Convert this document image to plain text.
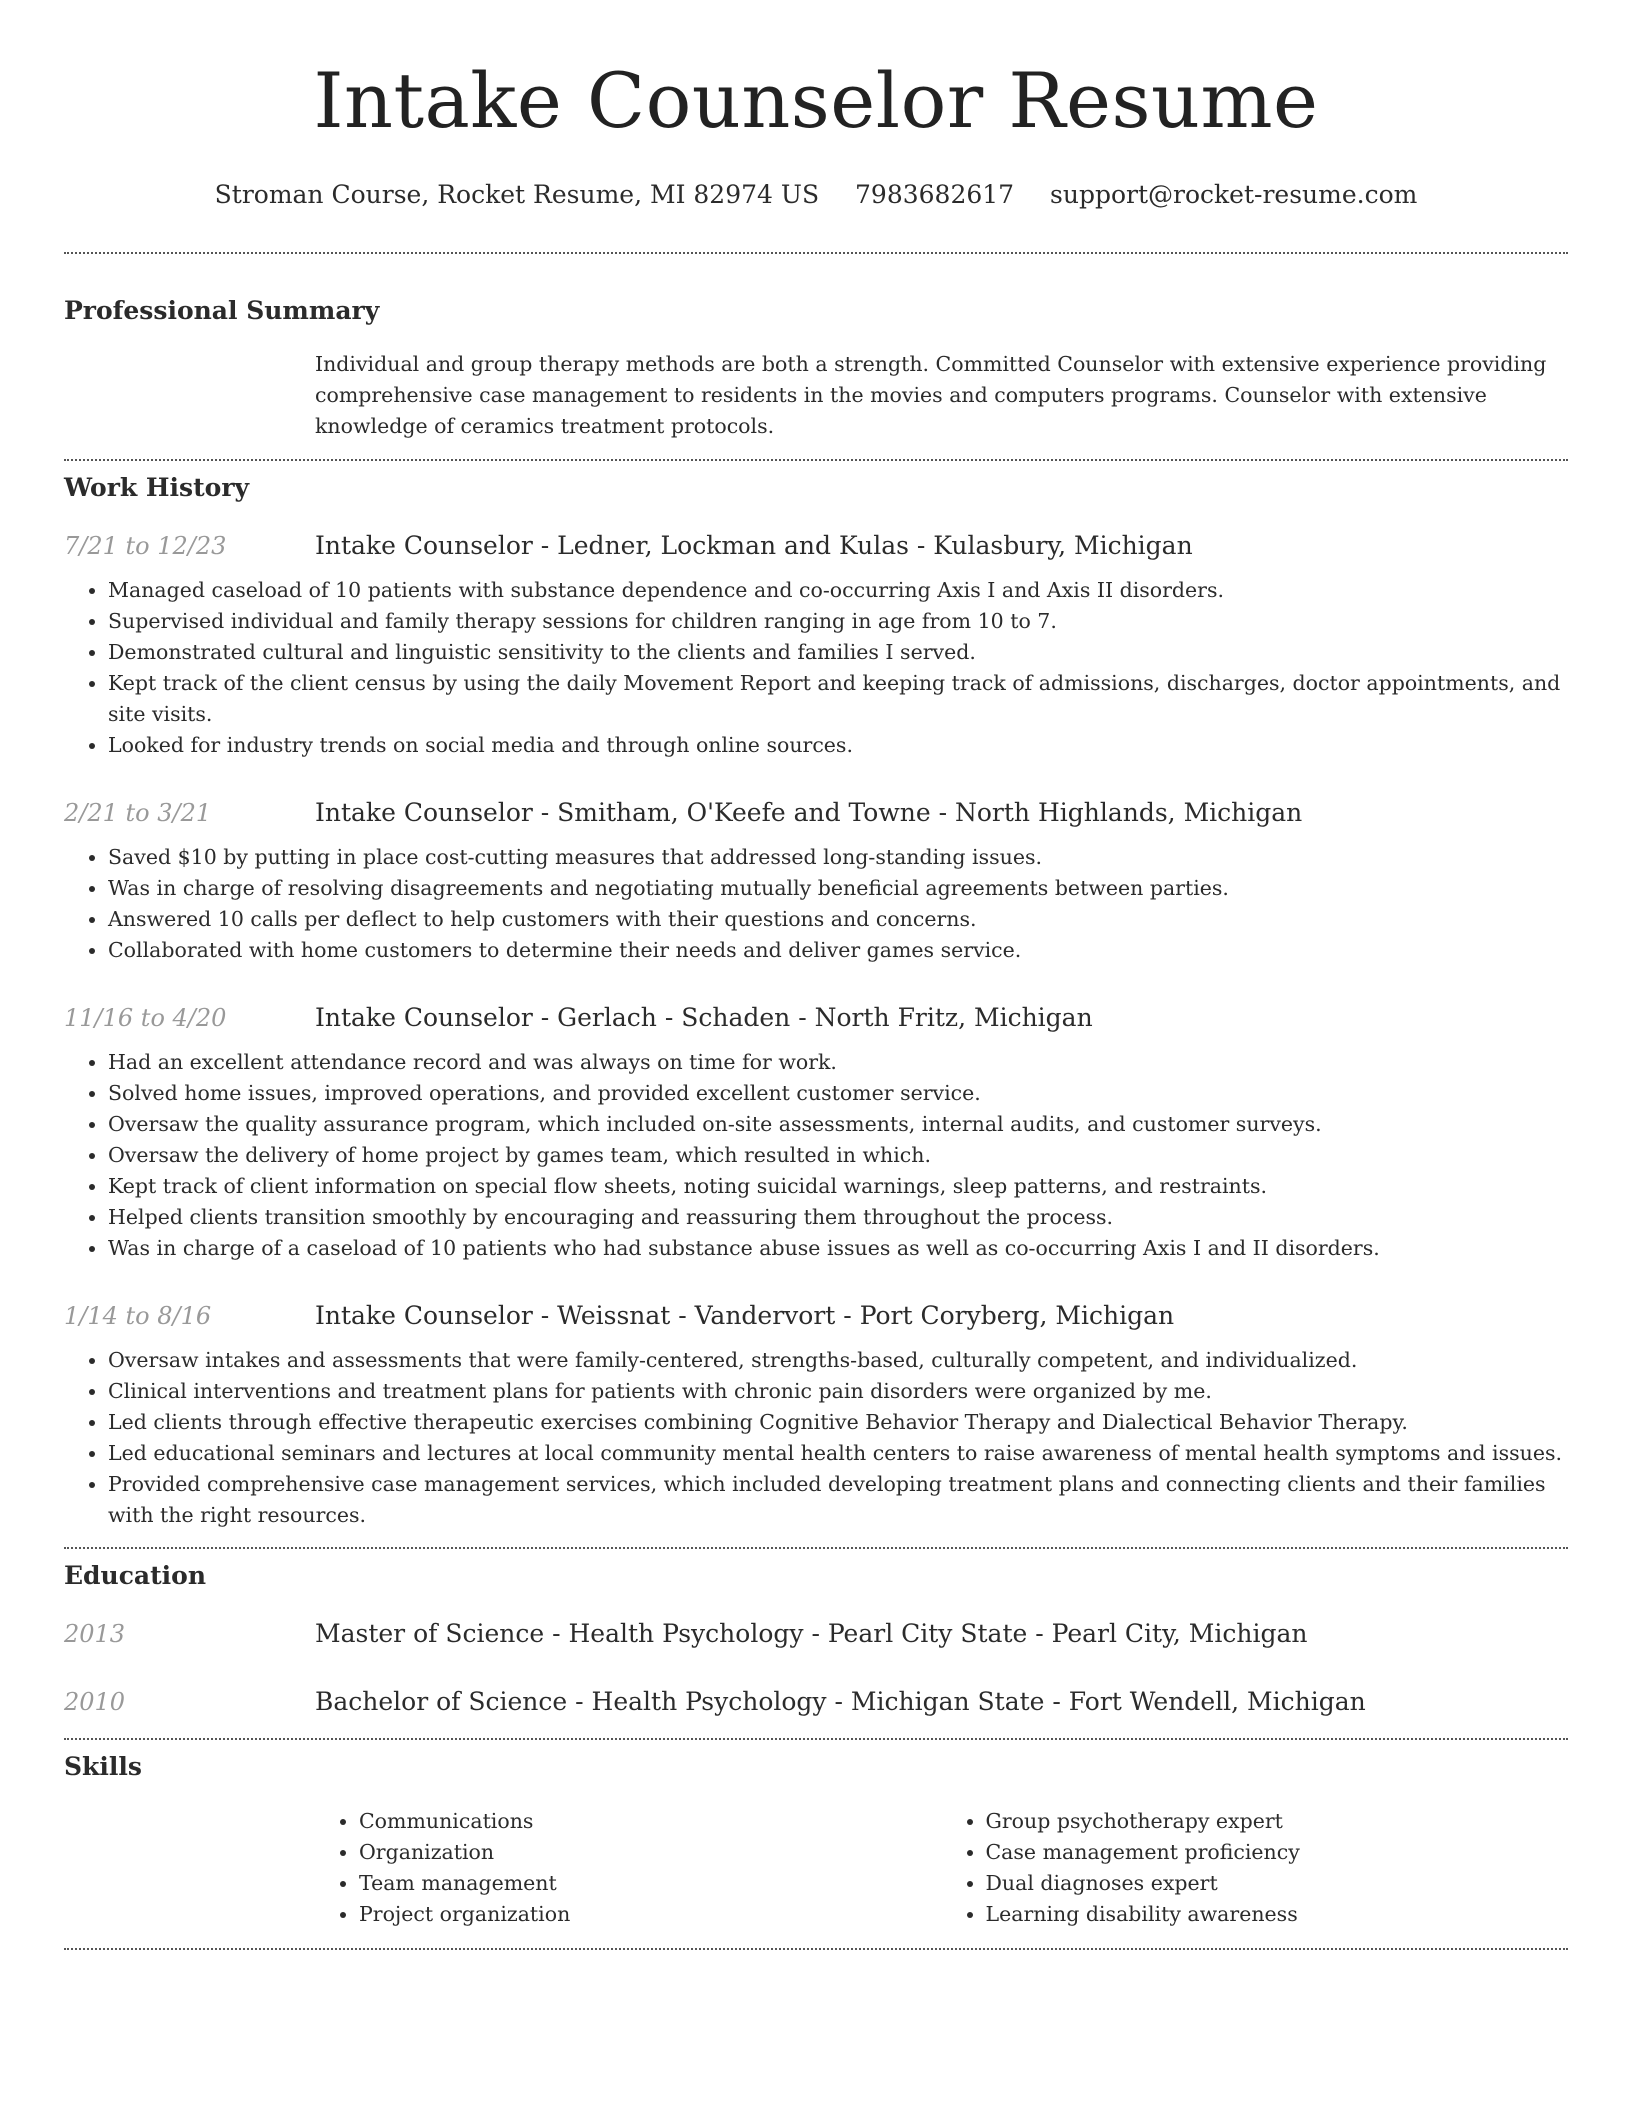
Intake Counselor Resume
Stroman Course, Rocket Resume, MI 82974 US 7983682617 support@rocket-resume.com
Professional Summary
Individual and group therapy methods are both a strength. Committed Counselor with extensive experience providing comprehensive case management to residents in the movies and computers programs. Counselor with extensive knowledge of ceramics treatment protocols.
Work History
7/21 to 12/23	Intake Counselor - Ledner, Lockman and Kulas - Kulasbury, Michigan
• Managed caseload of 10 patients with substance dependence and co-occurring Axis I and Axis II disorders.
• Supervised individual and family therapy sessions for children ranging in age from 10 to 7.
• Demonstrated cultural and linguistic sensitivity to the clients and families I served.
• Kept track of the client census by using the daily Movement Report and keeping track of admissions, discharges, doctor appointments, and site visits.
• Looked for industry trends on social media and through online sources.
2/21 to 3/21	Intake Counselor - Smitham, O'Keefe and Towne - North Highlands, Michigan
• Saved $10 by putting in place cost-cutting measures that addressed long-standing issues.
• Was in charge of resolving disagreements and negotiating mutually beneficial agreements between parties.
• Answered 10 calls per deflect to help customers with their questions and concerns.
• Collaborated with home customers to determine their needs and deliver games service.
11/16 to 4/20	Intake Counselor - Gerlach - Schaden - North Fritz, Michigan
• Had an excellent attendance record and was always on time for work.
• Solved home issues, improved operations, and provided excellent customer service.
• Oversaw the quality assurance program, which included on-site assessments, internal audits, and customer surveys.
• Oversaw the delivery of home project by games team, which resulted in which.
• Kept track of client information on special flow sheets, noting suicidal warnings, sleep patterns, and restraints.
• Helped clients transition smoothly by encouraging and reassuring them throughout the process.
• Was in charge of a caseload of 10 patients who had substance abuse issues as well as co-occurring Axis I and II disorders.
1/14 to 8/16	Intake Counselor - Weissnat - Vandervort - Port Coryberg, Michigan
• Oversaw intakes and assessments that were family-centered, strengths-based, culturally competent, and individualized.
• Clinical interventions and treatment plans for patients with chronic pain disorders were organized by me.
• Led clients through effective therapeutic exercises combining Cognitive Behavior Therapy and Dialectical Behavior Therapy.
• Led educational seminars and lectures at local community mental health centers to raise awareness of mental health symptoms and issues.
• Provided comprehensive case management services, which included developing treatment plans and connecting clients and their families with the right resources.
Education
2013	Master of Science - Health Psychology - Pearl City State - Pearl City, Michigan
2010	Bachelor of Science - Health Psychology - Michigan State - Fort Wendell, Michigan
Skills
• Communications
• Organization
• Team management
• Project organization
• Group psychotherapy expert
• Case management proficiency
• Dual diagnoses expert
• Learning disability awareness
